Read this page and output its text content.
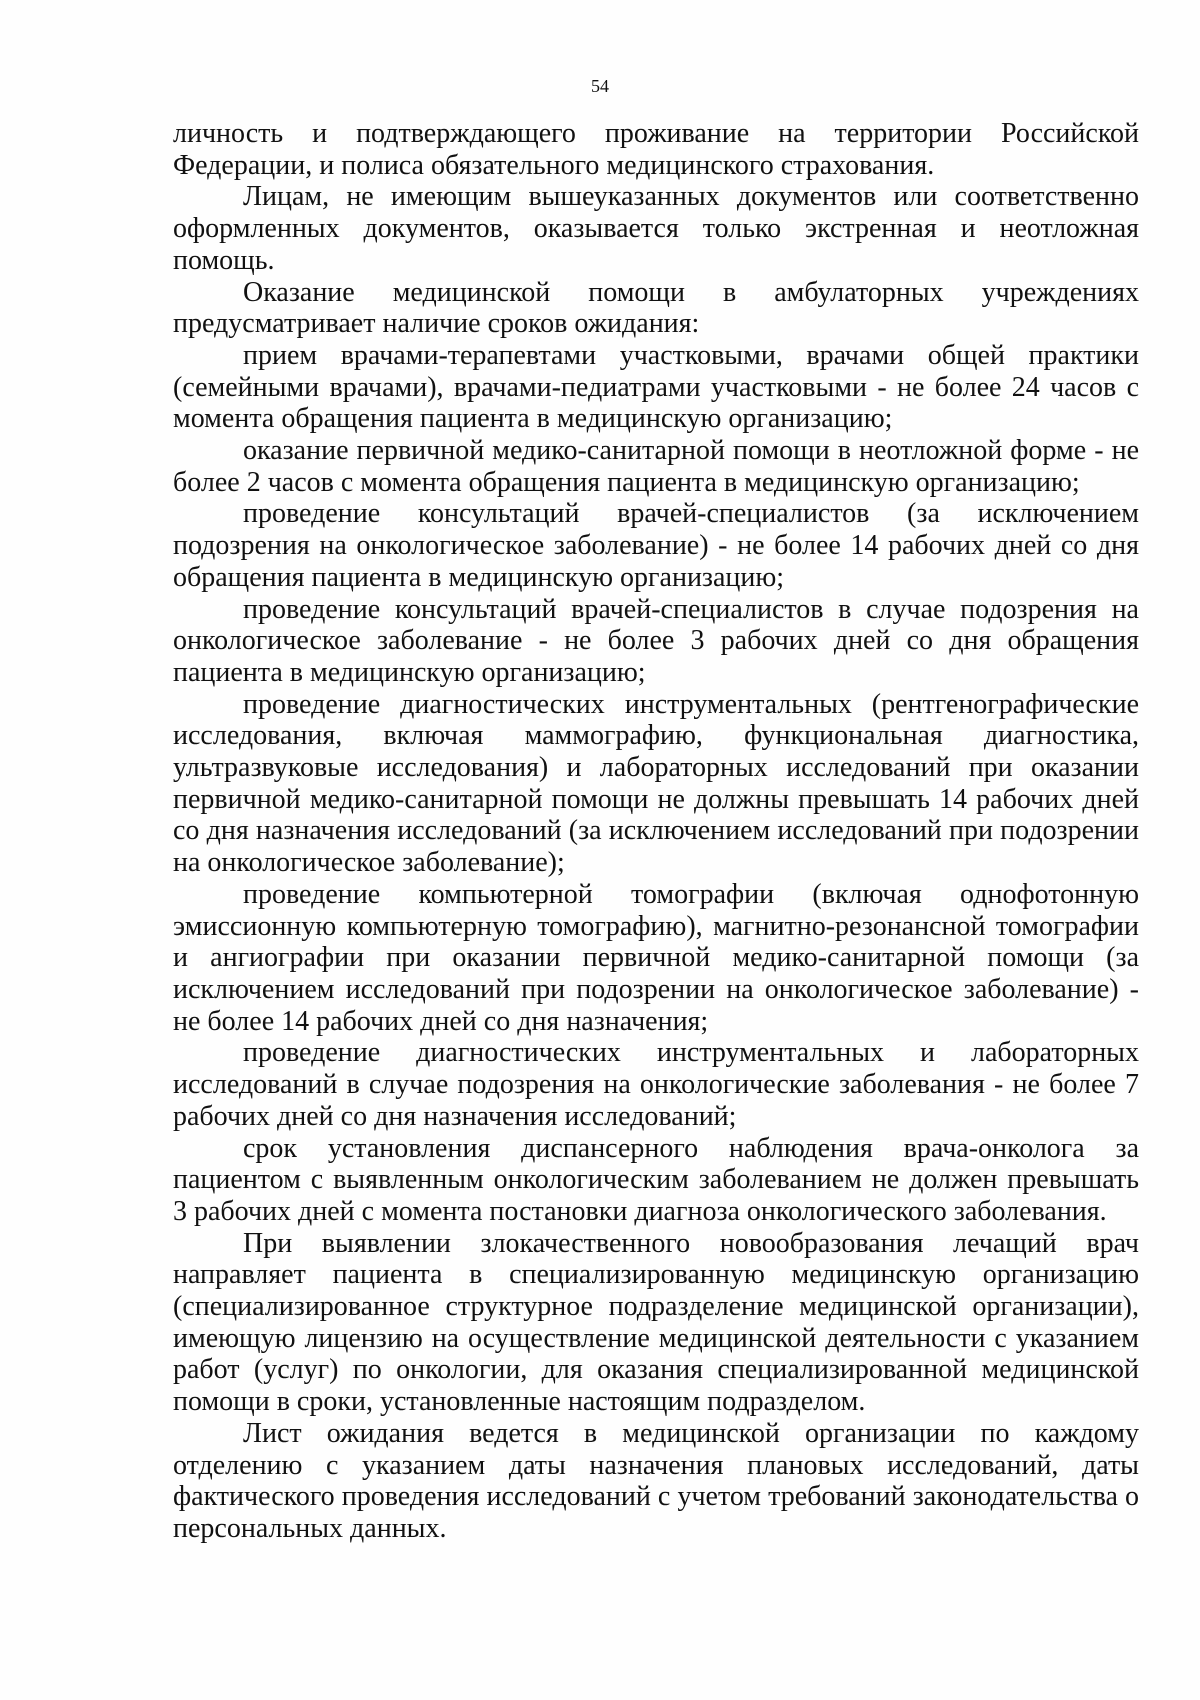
54

личность и подтверждающего проживание на территории Российской Федерации, и полиса обязательного медицинского страхования.

Лицам, не имеющим вышеуказанных документов или соответственно оформленных документов, оказывается только экстренная и неотложная помощь.

Оказание медицинской помощи в амбулаторных учреждениях предусматривает наличие сроков ожидания:

прием врачами-терапевтами участковыми, врачами общей практики (семейными врачами), врачами-педиатрами участковыми - не более 24 часов с момента обращения пациента в медицинскую организацию;

оказание первичной медико-санитарной помощи в неотложной форме - не более 2 часов с момента обращения пациента в медицинскую организацию;

проведение консультаций врачей-специалистов (за исключением подозрения на онкологическое заболевание) - не более 14 рабочих дней со дня обращения пациента в медицинскую организацию;

проведение консультаций врачей-специалистов в случае подозрения на онкологическое заболевание - не более 3 рабочих дней со дня обращения пациента в медицинскую организацию;

проведение диагностических инструментальных (рентгенографические исследования, включая маммографию, функциональная диагностика, ультразвуковые исследования) и лабораторных исследований при оказании первичной медико-санитарной помощи не должны превышать 14 рабочих дней со дня назначения исследований (за исключением исследований при подозрении на онкологическое заболевание);

проведение компьютерной томографии (включая однофотонную эмиссионную компьютерную томографию), магнитно-резонансной томографии и ангиографии при оказании первичной медико-санитарной помощи (за исключением исследований при подозрении на онкологическое заболевание) - не более 14 рабочих дней со дня назначения;

проведение диагностических инструментальных и лабораторных исследований в случае подозрения на онкологические заболевания - не более 7 рабочих дней со дня назначения исследований;

срок установления диспансерного наблюдения врача-онколога за пациентом с выявленным онкологическим заболеванием не должен превышать 3 рабочих дней с момента постановки диагноза онкологического заболевания.

При выявлении злокачественного новообразования лечащий врач направляет пациента в специализированную медицинскую организацию (специализированное структурное подразделение медицинской организации), имеющую лицензию на осуществление медицинской деятельности с указанием работ (услуг) по онкологии, для оказания специализированной медицинской помощи в сроки, установленные настоящим подразделом.

Лист ожидания ведется в медицинской организации по каждому отделению с указанием даты назначения плановых исследований, даты фактического проведения исследований с учетом требований законодательства о персональных данных.
